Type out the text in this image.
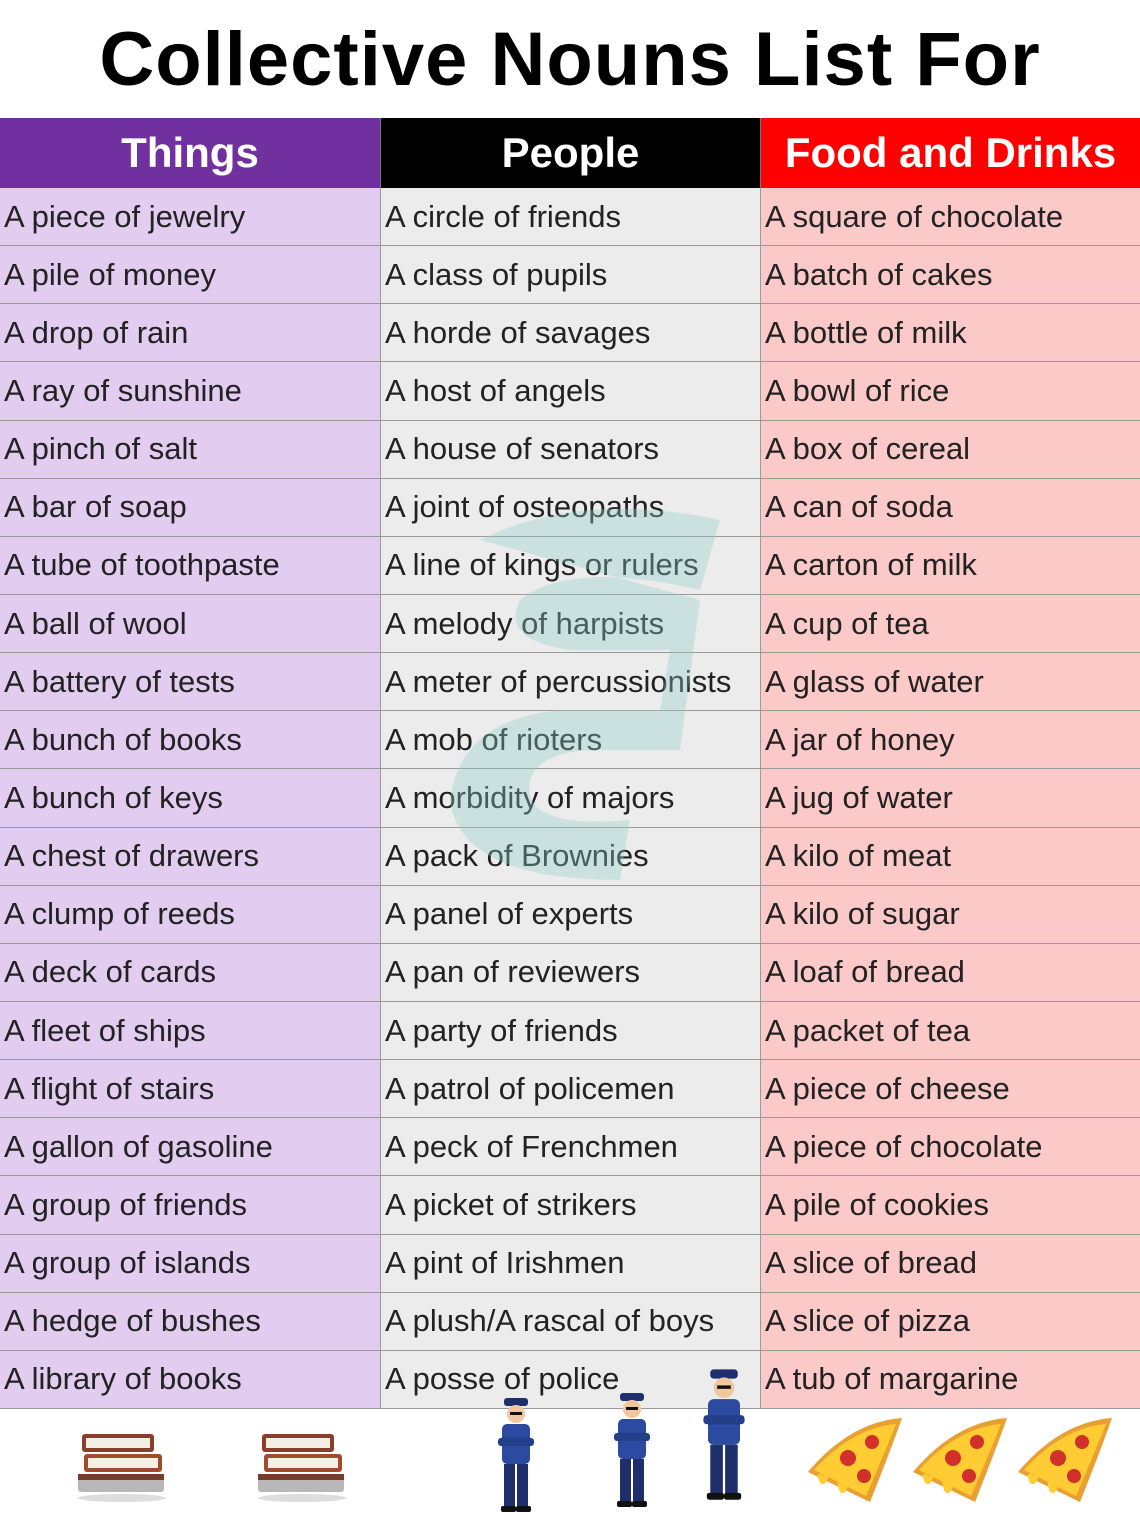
Collective Nouns List For
Things	People	Food and Drinks
A piece of jewelry	A circle of friends	A square of chocolate
A pile of money	A class of pupils	A batch of cakes
A drop of rain	A horde of savages	A bottle of milk
A ray of sunshine	A host of angels	A bowl of rice
A pinch of salt	A house of senators	A box of cereal
A bar of soap	A joint of osteopaths	A can of soda
A tube of toothpaste	A line of kings or rulers	A carton of milk
A ball of wool	A melody of harpists	A cup of tea
A battery of tests	A meter of percussionists	A glass of water
A bunch of books	A mob of rioters	A jar of honey
A bunch of keys	A morbidity of majors	A jug of water
A chest of drawers	A pack of Brownies	A kilo of meat
A clump of reeds	A panel of experts	A kilo of sugar
A deck of cards	A pan of reviewers	A loaf of bread
A fleet of ships	A party of friends	A packet of tea
A flight of stairs	A patrol of policemen	A piece of cheese
A gallon of gasoline	A peck of Frenchmen	A piece of chocolate
A group of friends	A picket of strikers	A pile of cookies
A group of islands	A pint of Irishmen	A slice of bread
A hedge of bushes	A plush/A rascal of boys	A slice of pizza
A library of books	A posse of police	A tub of margarine
